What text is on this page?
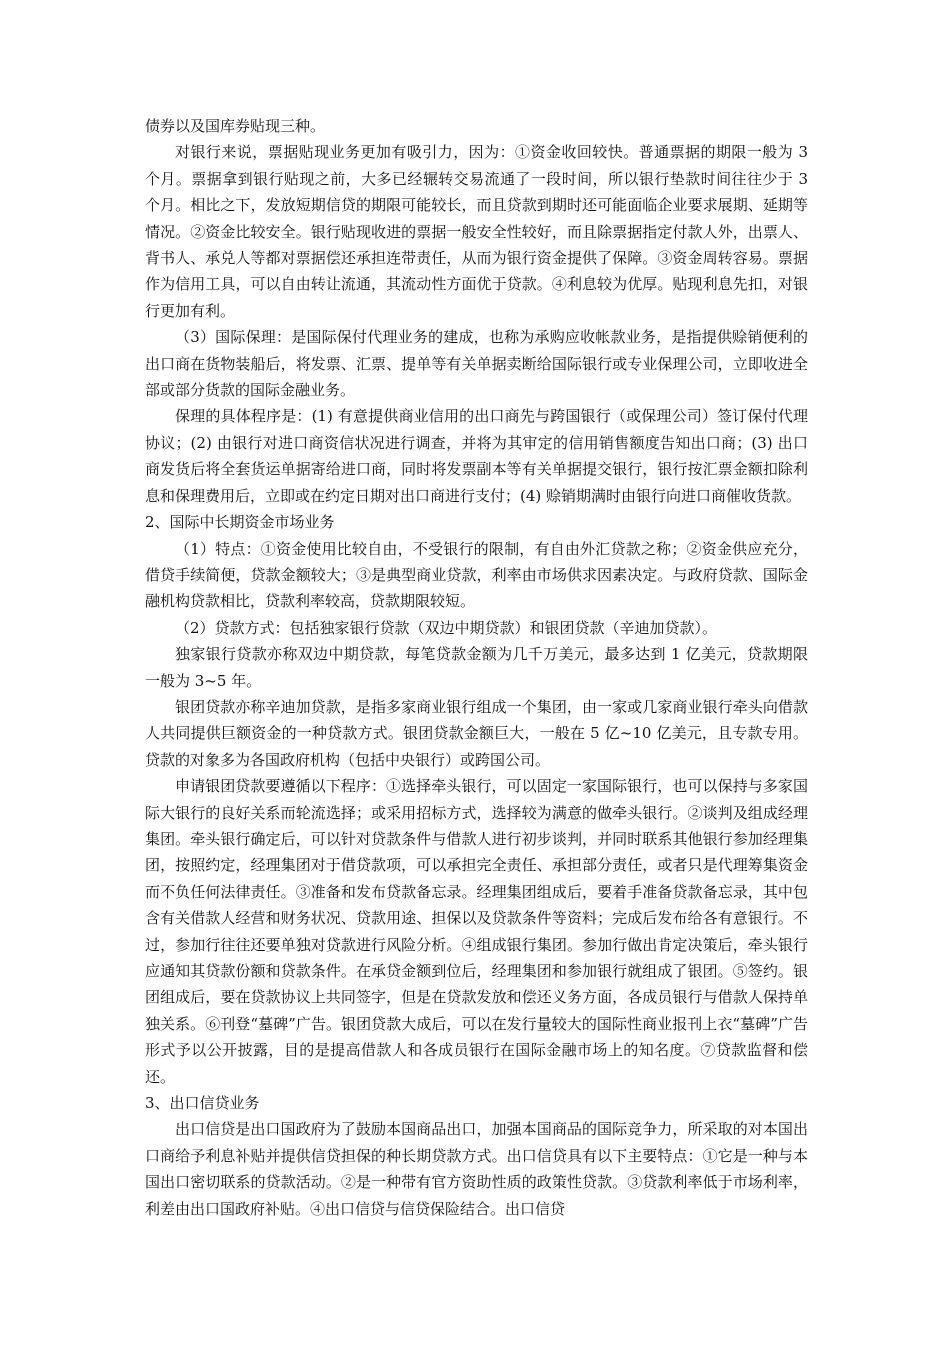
债券以及国库券贴现三种。

对银行来说，票据贴现业务更加有吸引力，因为：①资金收回较快。普通票据的期限一般为 3 个月。票据拿到银行贴现之前，大多已经辗转交易流通了一段时间，所以银行垫款时间往往少于 3 个月。相比之下，发放短期信贷的期限可能较长，而且贷款到期时还可能面临企业要求展期、延期等情况。②资金比较安全。银行贴现收进的票据一般安全性较好，而且除票据指定付款人外，出票人、背书人、承兑人等都对票据偿还承担连带责任，从而为银行资金提供了保障。③资金周转容易。票据作为信用工具，可以自由转让流通，其流动性方面优于贷款。④利息较为优厚。贴现利息先扣，对银行更加有利。

（3）国际保理：是国际保付代理业务的建成，也称为承购应收帐款业务，是指提供赊销便利的出口商在货物装船后，将发票、汇票、提单等有关单据卖断给国际银行或专业保理公司，立即收进全部或部分货款的国际金融业务。

保理的具体程序是：(1) 有意提供商业信用的出口商先与跨国银行（或保理公司）签订保付代理协议；(2) 由银行对进口商资信状况进行调查，并将为其审定的信用销售额度告知出口商；(3) 出口商发货后将全套货运单据寄给进口商，同时将发票副本等有关单据提交银行，银行按汇票金额扣除利息和保理费用后，立即或在约定日期对出口商进行支付；(4) 赊销期满时由银行向进口商催收货款。

2、国际中长期资金市场业务

（1）特点：①资金使用比较自由，不受银行的限制，有自由外汇贷款之称；②资金供应充分，借贷手续简便，贷款金额较大；③是典型商业贷款，利率由市场供求因素决定。与政府贷款、国际金融机构贷款相比，贷款利率较高，贷款期限较短。

（2）贷款方式：包括独家银行贷款（双边中期贷款）和银团贷款（辛迪加贷款）。

独家银行贷款亦称双边中期贷款，每笔贷款金额为几千万美元，最多达到 1 亿美元，贷款期限一般为 3~5 年。

银团贷款亦称辛迪加贷款，是指多家商业银行组成一个集团，由一家或几家商业银行牵头向借款人共同提供巨额资金的一种贷款方式。银团贷款金额巨大，一般在 5 亿~10 亿美元，且专款专用。贷款的对象多为各国政府机构（包括中央银行）或跨国公司。

申请银团贷款要遵循以下程序：①选择牵头银行，可以固定一家国际银行，也可以保持与多家国际大银行的良好关系而轮流选择；或采用招标方式，选择较为满意的做牵头银行。②谈判及组成经理集团。牵头银行确定后，可以针对贷款条件与借款人进行初步谈判，并同时联系其他银行参加经理集团，按照约定，经理集团对于借贷款项，可以承担完全责任、承担部分责任，或者只是代理筹集资金而不负任何法律责任。③准备和发布贷款备忘录。经理集团组成后，要着手准备贷款备忘录，其中包含有关借款人经营和财务状况、贷款用途、担保以及贷款条件等资料；完成后发布给各有意银行。不过，参加行往往还要单独对贷款进行风险分析。④组成银行集团。参加行做出肯定决策后，牵头银行应通知其贷款份额和贷款条件。在承贷金额到位后，经理集团和参加银行就组成了银团。⑤签约。银团组成后，要在贷款协议上共同签字，但是在贷款发放和偿还义务方面，各成员银行与借款人保持单独关系。⑥刊登“墓碑”广告。银团贷款大成后，可以在发行量较大的国际性商业报刊上衣“墓碑”广告形式予以公开披露，目的是提高借款人和各成员银行在国际金融市场上的知名度。⑦贷款监督和偿还。

3、出口信贷业务

出口信贷是出口国政府为了鼓励本国商品出口，加强本国商品的国际竞争力，所采取的对本国出口商给予利息补贴并提供信贷担保的种长期贷款方式。出口信贷具有以下主要特点：①它是一种与本国出口密切联系的贷款活动。②是一种带有官方资助性质的政策性贷款。③贷款利率低于市场利率，利差由出口国政府补贴。④出口信贷与信贷保险结合。出口信贷
